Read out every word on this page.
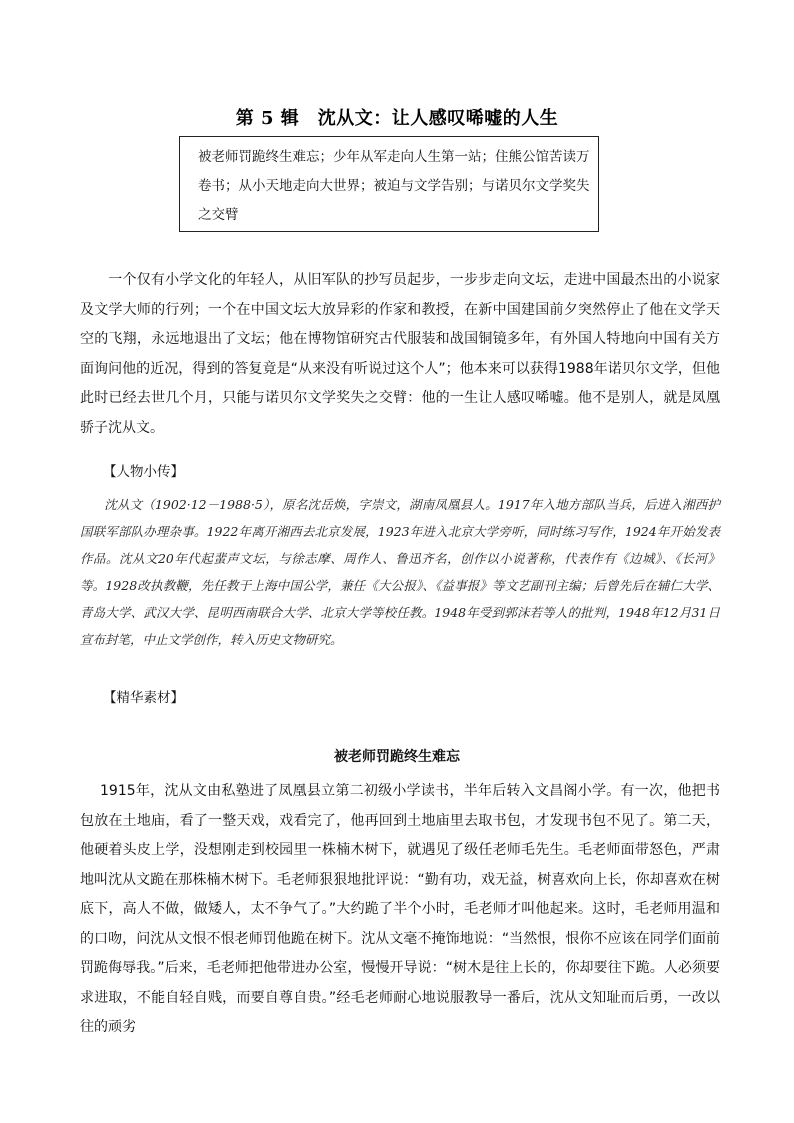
第 5 辑　沈从文：让人感叹唏嘘的人生

被老师罚跪终生难忘；少年从军走向人生第一站；住熊公馆苦读万卷书；从小天地走向大世界；被迫与文学告别；与诺贝尔文学奖失之交臂

一个仅有小学文化的年轻人，从旧军队的抄写员起步，一步步走向文坛，走进中国最杰出的小说家及文学大师的行列；一个在中国文坛大放异彩的作家和教授，在新中国建国前夕突然停止了他在文学天空的飞翔，永远地退出了文坛；他在博物馆研究古代服装和战国铜镜多年，有外国人特地向中国有关方面询问他的近况，得到的答复竟是“从来没有听说过这个人”；他本来可以获得1988年诺贝尔文学，但他此时已经去世几个月，只能与诺贝尔文学奖失之交臂：他的一生让人感叹唏嘘。他不是别人，就是凤凰骄子沈从文。

【人物小传】

沈从文（1902·12－1988·5），原名沈岳焕，字崇文，湖南凤凰县人。1917年入地方部队当兵，后进入湘西护国联军部队办理杂事。1922年离开湘西去北京发展，1923年进入北京大学旁听，同时练习写作，1924年开始发表作品。沈从文20年代起蜚声文坛，与徐志摩、周作人、鲁迅齐名，创作以小说著称，代表作有《边城》、《长河》等。1928改执教鞭，先任教于上海中国公学，兼任《大公报》、《益事报》等文艺副刊主编；后曾先后在辅仁大学、青岛大学、武汉大学、昆明西南联合大学、北京大学等校任教。1948年受到郭沫若等人的批判，1948年12月31日宣布封笔，中止文学创作，转入历史文物研究。

【精华素材】

被老师罚跪终生难忘

1915年，沈从文由私塾进了凤凰县立第二初级小学读书，半年后转入文昌阁小学。有一次，他把书包放在土地庙，看了一整天戏，戏看完了，他再回到土地庙里去取书包，才发现书包不见了。第二天，他硬着头皮上学，没想刚走到校园里一株楠木树下，就遇见了级任老师毛先生。毛老师面带怒色，严肃地叫沈从文跪在那株楠木树下。毛老师狠狠地批评说：“勤有功，戏无益，树喜欢向上长，你却喜欢在树底下，高人不做，做矮人，太不争气了。”大约跪了半个小时，毛老师才叫他起来。这时，毛老师用温和的口吻，问沈从文恨不恨老师罚他跪在树下。沈从文毫不掩饰地说：“当然恨，恨你不应该在同学们面前罚跪侮辱我。”后来，毛老师把他带进办公室，慢慢开导说：“树木是往上长的，你却要往下跪。人必须要求进取，不能自轻自贱，而要自尊自贵。”经毛老师耐心地说服教导一番后，沈从文知耻而后勇，一改以往的顽劣
